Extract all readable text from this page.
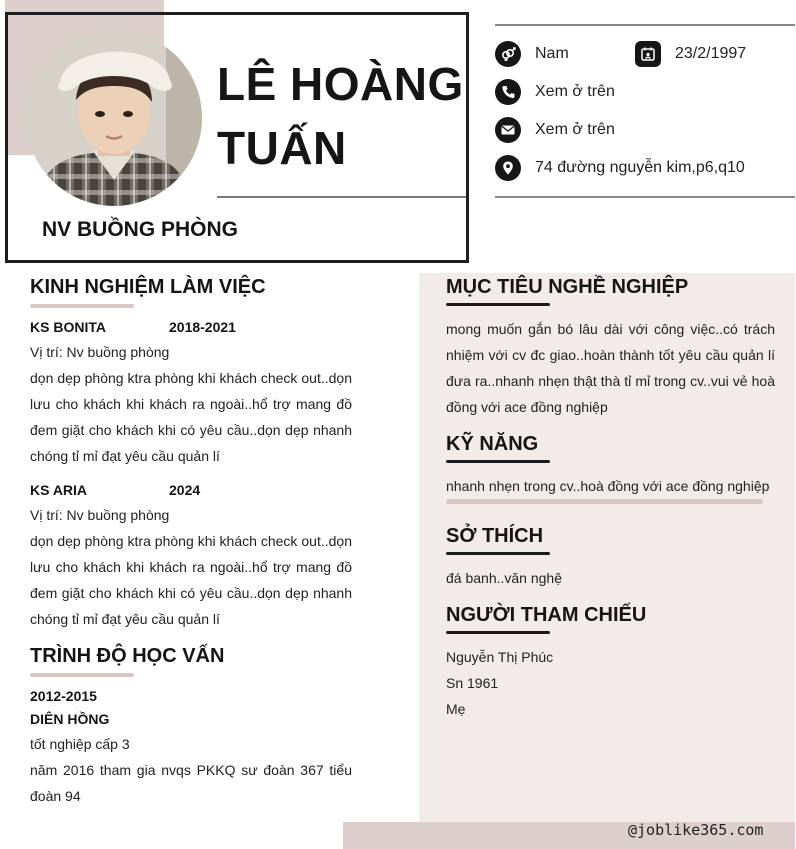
LÊ HOÀNG
TUẤN
NV BUỒNG PHÒNG
Nam	23/2/1997
Xem ở trên
Xem ở trên
74 đường nguyễn kim,p6,q10
KINH NGHIỆM LÀM VIỆC
KS BONITA	2018-2021
Vị trí: Nv buồng phòng
dọn dẹp phòng ktra phòng khi khách check out..dọn lưu cho khách khi khách ra ngoài..hổ trợ mang đồ đem giặt cho khách khi có yêu cầu..dọn dẹp nhanh chóng tỉ mỉ đạt yêu cầu quản lí
KS ARIA	2024
Vị trí: Nv buồng phòng
dọn dẹp phòng ktra phòng khi khách check out..dọn lưu cho khách khi khách ra ngoài..hổ trợ mang đồ đem giặt cho khách khi có yêu cầu..dọn dẹp nhanh chóng tỉ mỉ đạt yêu cầu quản lí
TRÌNH ĐỘ HỌC VẤN
2012-2015
DIÊN HỒNG
tốt nghiệp cấp 3
năm 2016 tham gia nvqs PKKQ sư đoàn 367 tiểu đoàn 94
MỤC TIÊU NGHỀ NGHIỆP
mong muốn gắn bó lâu dài với công việc..có trách nhiệm với cv đc giao..hoàn thành tốt yêu cầu quản lí đưa ra..nhanh nhẹn thật thà tỉ mỉ trong cv..vui vẻ hoà đồng với ace đồng nghiệp
KỸ NĂNG
nhanh nhẹn trong cv..hoà đồng với ace đồng nghiệp
SỞ THÍCH
đá banh..văn nghệ
NGƯỜI THAM CHIẾU
Nguyễn Thị Phúc
Sn 1961
Mẹ
@joblike365.com
